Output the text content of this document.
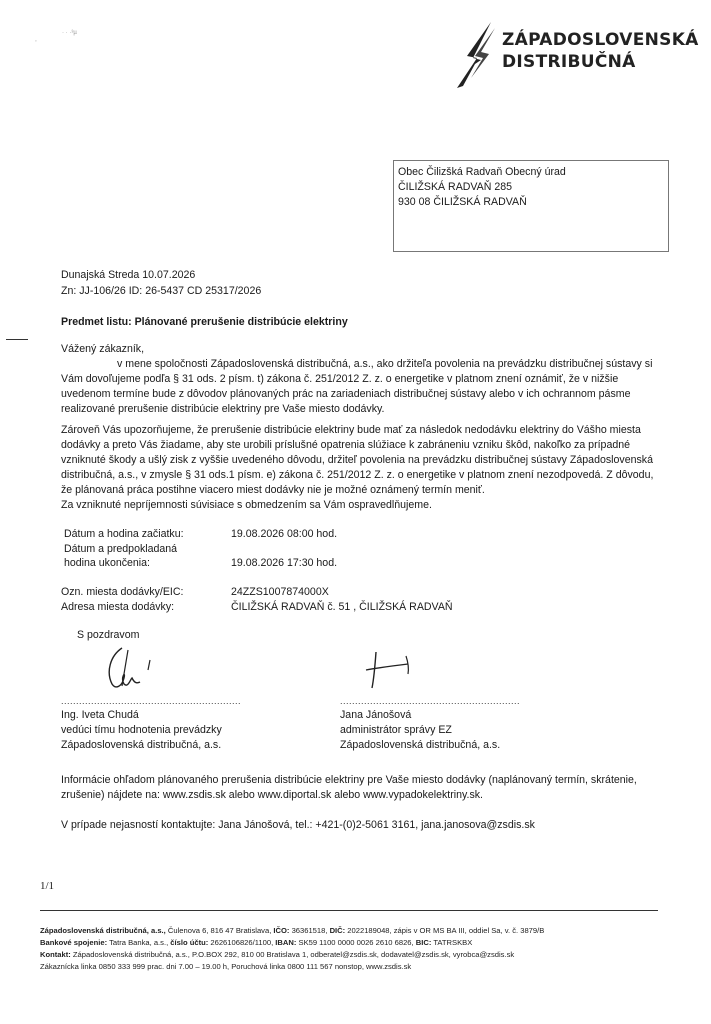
¸
· · ·³µ	ZÁPADOSLOVENSKÁ
DISTRIBUČNÁ
Obec Čilizšká Radvaň Obecný úrad
ČILIŽSKÁ RADVAŇ 285
930 08 ČILIŽSKÁ RADVAŇ
Dunajská Streda 10.07.2026
Zn: JJ-106/26 ID: 26-5437 CD 25317/2026
Predmet listu: Plánované prerušenie distribúcie elektriny
Vážený zákazník,
v mene spoločnosti Západoslovenská distribučná, a.s., ako držiteľa povolenia na prevádzku distribučnej sústavy si
Vám dovoľujeme podľa § 31 ods. 2 písm. t) zákona č. 251/2012 Z. z. o energetike v platnom znení oznámiť, že v nižšie
uvedenom termíne bude z dôvodov plánovaných prác na zariadeniach distribučnej sústavy alebo v ich ochrannom pásme
realizované prerušenie distribúcie elektriny pre Vaše miesto dodávky.
Zároveň Vás upozorňujeme, že prerušenie distribúcie elektriny bude mať za následok nedodávku elektriny do Vášho miesta
dodávky a preto Vás žiadame, aby ste urobili príslušné opatrenia slúžiace k zabráneniu vzniku škôd, nakoľko za prípadné
vzniknuté škody a ušlý zisk z vyššie uvedeného dôvodu, držiteľ povolenia na prevádzku distribučnej sústavy Západoslovenská
distribučná, a.s., v zmysle § 31 ods.1 písm. e) zákona č. 251/2012 Z. z. o energetike v platnom znení nezodpovedá. Z dôvodu,
že plánovaná práca postihne viacero miest dodávky nie je možné oznámený termín meniť.
Za vzniknuté nepríjemnosti súvisiace s obmedzením sa Vám ospravedlňujeme.
Dátum a hodina začiatku:	19.08.2026 08:00 hod.
Dátum a predpokladaná
hodina ukončenia:	19.08.2026 17:30 hod.
Ozn. miesta dodávky/EIC:	24ZZS1007874000X
Adresa miesta dodávky:	ČILIŽSKÁ RADVAŇ č. 51 , ČILIŽSKÁ RADVAŇ
S pozdravom
............................................................
Ing. Iveta Chudá
vedúci tímu hodnotenia prevádzky
Západoslovenská distribučná, a.s.
............................................................
Jana Jánošová
administrátor správy EZ
Západoslovenská distribučná, a.s.
Informácie ohľadom plánovaného prerušenia distribúcie elektriny pre Vaše miesto dodávky (naplánovaný termín, skrátenie,
zrušenie) nájdete na: www.zsdis.sk alebo www.diportal.sk alebo www.vypadokelektriny.sk.
V prípade nejasností kontaktujte: Jana Jánošová, tel.: +421-(0)2-5061 3161, jana.janosova@zsdis.sk
1/1
Západoslovenská distribučná, a.s., Čulenova 6, 816 47 Bratislava, IČO: 36361518, DIČ: 2022189048, zápis v OR MS BA III, oddiel Sa, v. č. 3879/B
Bankové spojenie: Tatra Banka, a.s., číslo účtu: 2626106826/1100, IBAN: SK59 1100 0000 0026 2610 6826, BIC: TATRSKBX
Kontakt: Západoslovenská distribučná, a.s., P.O.BOX 292, 810 00 Bratislava 1, odberatel@zsdis.sk, dodavatel@zsdis.sk, vyrobca@zsdis.sk
Zákaznícka linka 0850 333 999 prac. dni 7.00 – 19.00 h, Poruchová linka 0800 111 567 nonstop, www.zsdis.sk
